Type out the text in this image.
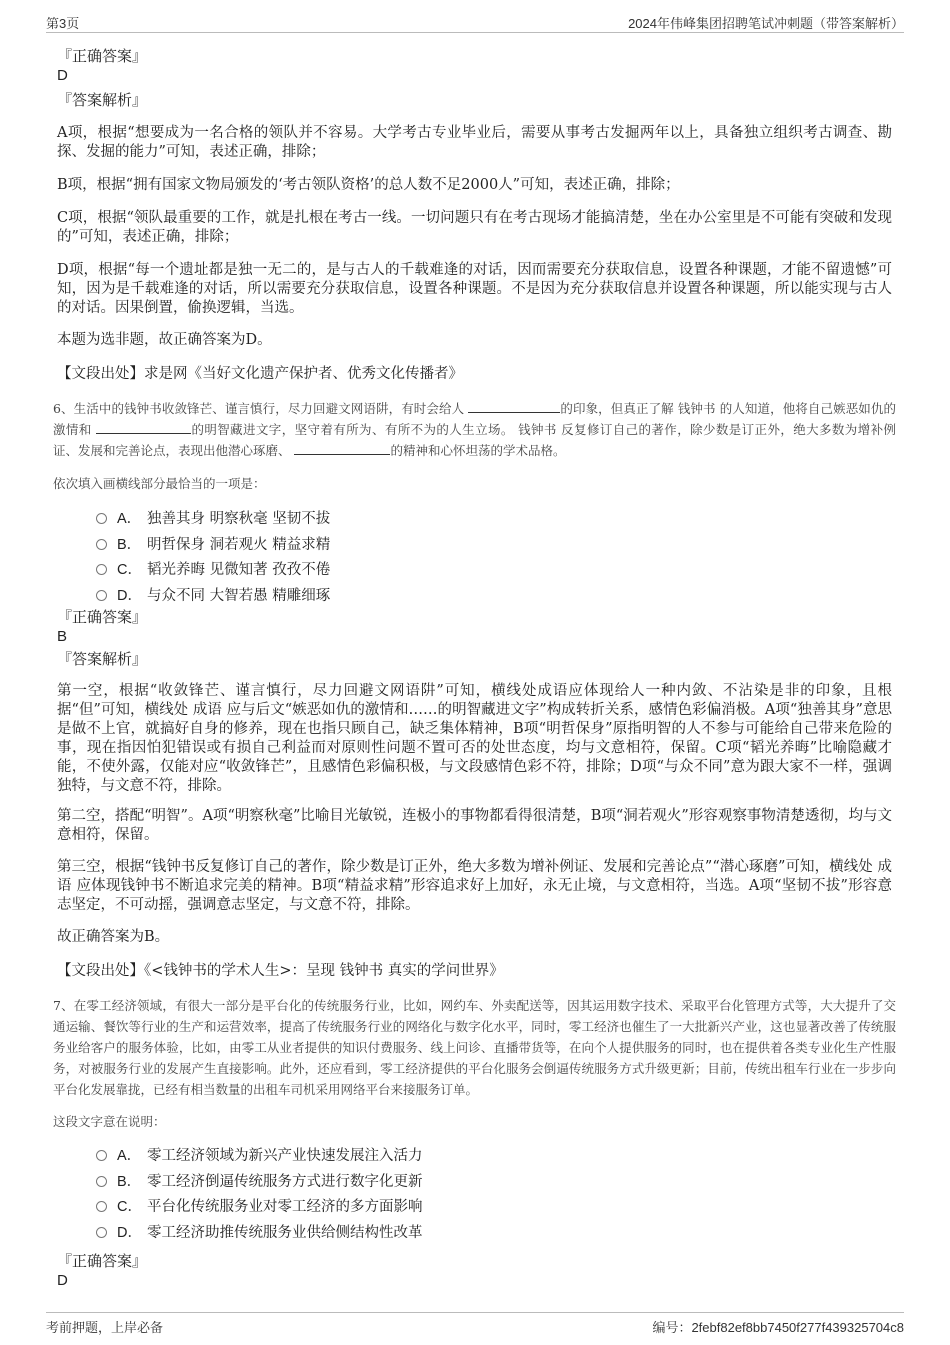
第3页	2024年伟峰集团招聘笔试冲刺题（带答案解析）
『正确答案』
D
『答案解析』
A项，根据“想要成为一名合格的领队并不容易。大学考古专业毕业后，需要从事考古发掘两年以上，具备独立组织考古调查、勘探、发掘的能力”可知，表述正确，排除；
B项，根据“拥有国家文物局颁发的‘考古领队资格’的总人数不足2000人”可知，表述正确，排除；
C项，根据“领队最重要的工作，就是扎根在考古一线。一切问题只有在考古现场才能搞清楚，坐在办公室里是不可能有突破和发现的”可知，表述正确，排除；
D项，根据“每一个遗址都是独一无二的，是与古人的千载难逢的对话，因而需要充分获取信息，设置各种课题，才能不留遗憾”可知，因为是千载难逢的对话，所以需要充分获取信息，设置各种课题。不是因为充分获取信息并设置各种课题，所以能实现与古人的对话。因果倒置，偷换逻辑，当选。
本题为选非题，故正确答案为D。
【文段出处】求是网《当好文化遗产保护者、优秀文化传播者》
6、生活中的钱钟书收敛锋芒、谨言慎行，尽力回避文网语阱，有时会给人	的印象，但真正了解 钱钟书 的人知道，他将自己嫉恶如仇的激情和	的明智藏进文字，坚守着有所为、有所不为的人生立场。 钱钟书 反复修订自己的著作，除少数是订正外，绝大多数为增补例证、发展和完善论点，表现出他潜心琢磨、	的精神和心怀坦荡的学术品格。
依次填入画横线部分最恰当的一项是：
A． 独善其身 明察秋毫 坚韧不拔
B． 明哲保身 洞若观火 精益求精
C． 韬光养晦 见微知著 孜孜不倦
D． 与众不同 大智若愚 精雕细琢
『正确答案』
B
『答案解析』
第一空，根据“收敛锋芒、谨言慎行，尽力回避文网语阱”可知，横线处成语应体现给人一种内敛、不沾染是非的印象，且根据“但”可知，横线处 成语 应与后文“嫉恶如仇的激情和……的明智藏进文字”构成转折关系，感情色彩偏消极。A项“独善其身”意思是做不上官，就搞好自身的修养，现在也指只顾自己，缺乏集体精神，B项“明哲保身”原指明智的人不参与可能给自己带来危险的事，现在指因怕犯错误或有损自己利益而对原则性问题不置可否的处世态度，均与文意相符，保留。C项“韬光养晦”比喻隐藏才能，不使外露，仅能对应“收敛锋芒”，且感情色彩偏积极，与文段感情色彩不符，排除；D项“与众不同”意为跟大家不一样，强调独特，与文意不符，排除。
第二空，搭配“明智”。A项“明察秋毫”比喻目光敏锐，连极小的事物都看得很清楚，B项“洞若观火”形容观察事物清楚透彻，均与文意相符，保留。
第三空，根据“钱钟书反复修订自己的著作，除少数是订正外，绝大多数为增补例证、发展和完善论点”“潜心琢磨”可知，横线处 成语 应体现钱钟书不断追求完美的精神。B项“精益求精”形容追求好上加好，永无止境，与文意相符，当选。A项“坚韧不拔”形容意志坚定，不可动摇，强调意志坚定，与文意不符，排除。
故正确答案为B。
【文段出处】《<钱钟书的学术人生>：呈现 钱钟书 真实的学问世界》
7、在零工经济领域，有很大一部分是平台化的传统服务行业，比如，网约车、外卖配送等，因其运用数字技术、采取平台化管理方式等，大大提升了交通运输、餐饮等行业的生产和运营效率，提高了传统服务行业的网络化与数字化水平，同时，零工经济也催生了一大批新兴产业，这也显著改善了传统服务业给客户的服务体验，比如，由零工从业者提供的知识付费服务、线上问诊、直播带货等，在向个人提供服务的同时，也在提供着各类专业化生产性服务，对被服务行业的发展产生直接影响。此外，还应看到，零工经济提供的平台化服务会倒逼传统服务方式升级更新；目前，传统出租车行业在一步步向平台化发展靠拢，已经有相当数量的出租车司机采用网络平台来接服务订单。
这段文字意在说明：
A． 零工经济领域为新兴产业快速发展注入活力
B． 零工经济倒逼传统服务方式进行数字化更新
C． 平台化传统服务业对零工经济的多方面影响
D． 零工经济助推传统服务业供给侧结构性改革
『正确答案』
D
考前押题，上岸必备	编号：2febf82ef8bb7450f277f439325704c8
